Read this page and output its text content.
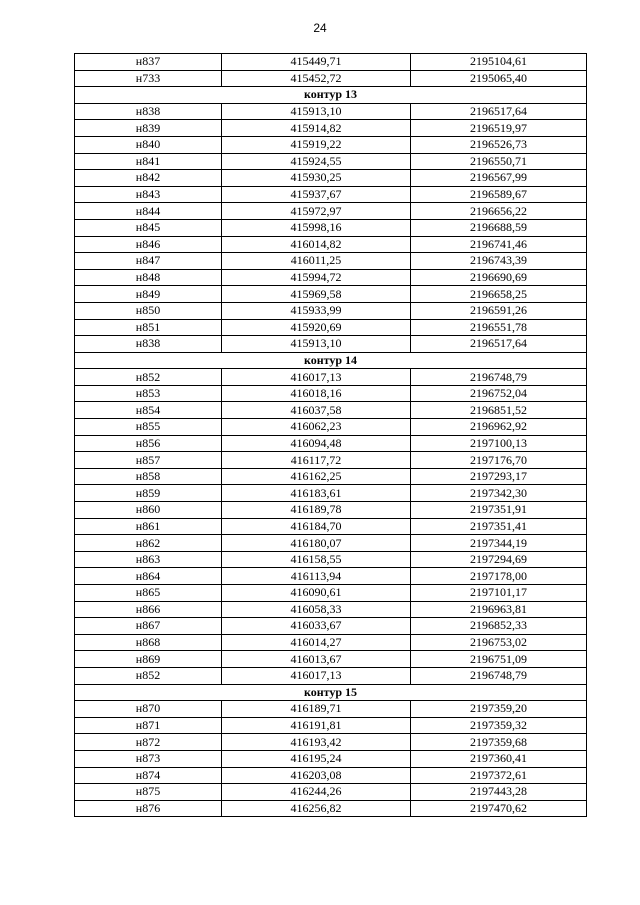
24
н837	415449,71	2195104,61
н733	415452,72	2195065,40
контур 13		
н838	415913,10	2196517,64
н839	415914,82	2196519,97
н840	415919,22	2196526,73
н841	415924,55	2196550,71
н842	415930,25	2196567,99
н843	415937,67	2196589,67
н844	415972,97	2196656,22
н845	415998,16	2196688,59
н846	416014,82	2196741,46
н847	416011,25	2196743,39
н848	415994,72	2196690,69
н849	415969,58	2196658,25
н850	415933,99	2196591,26
н851	415920,69	2196551,78
н838	415913,10	2196517,64
контур 14		
н852	416017,13	2196748,79
н853	416018,16	2196752,04
н854	416037,58	2196851,52
н855	416062,23	2196962,92
н856	416094,48	2197100,13
н857	416117,72	2197176,70
н858	416162,25	2197293,17
н859	416183,61	2197342,30
н860	416189,78	2197351,91
н861	416184,70	2197351,41
н862	416180,07	2197344,19
н863	416158,55	2197294,69
н864	416113,94	2197178,00
н865	416090,61	2197101,17
н866	416058,33	2196963,81
н867	416033,67	2196852,33
н868	416014,27	2196753,02
н869	416013,67	2196751,09
н852	416017,13	2196748,79
контур 15		
н870	416189,71	2197359,20
н871	416191,81	2197359,32
н872	416193,42	2197359,68
н873	416195,24	2197360,41
н874	416203,08	2197372,61
н875	416244,26	2197443,28
н876	416256,82	2197470,62
